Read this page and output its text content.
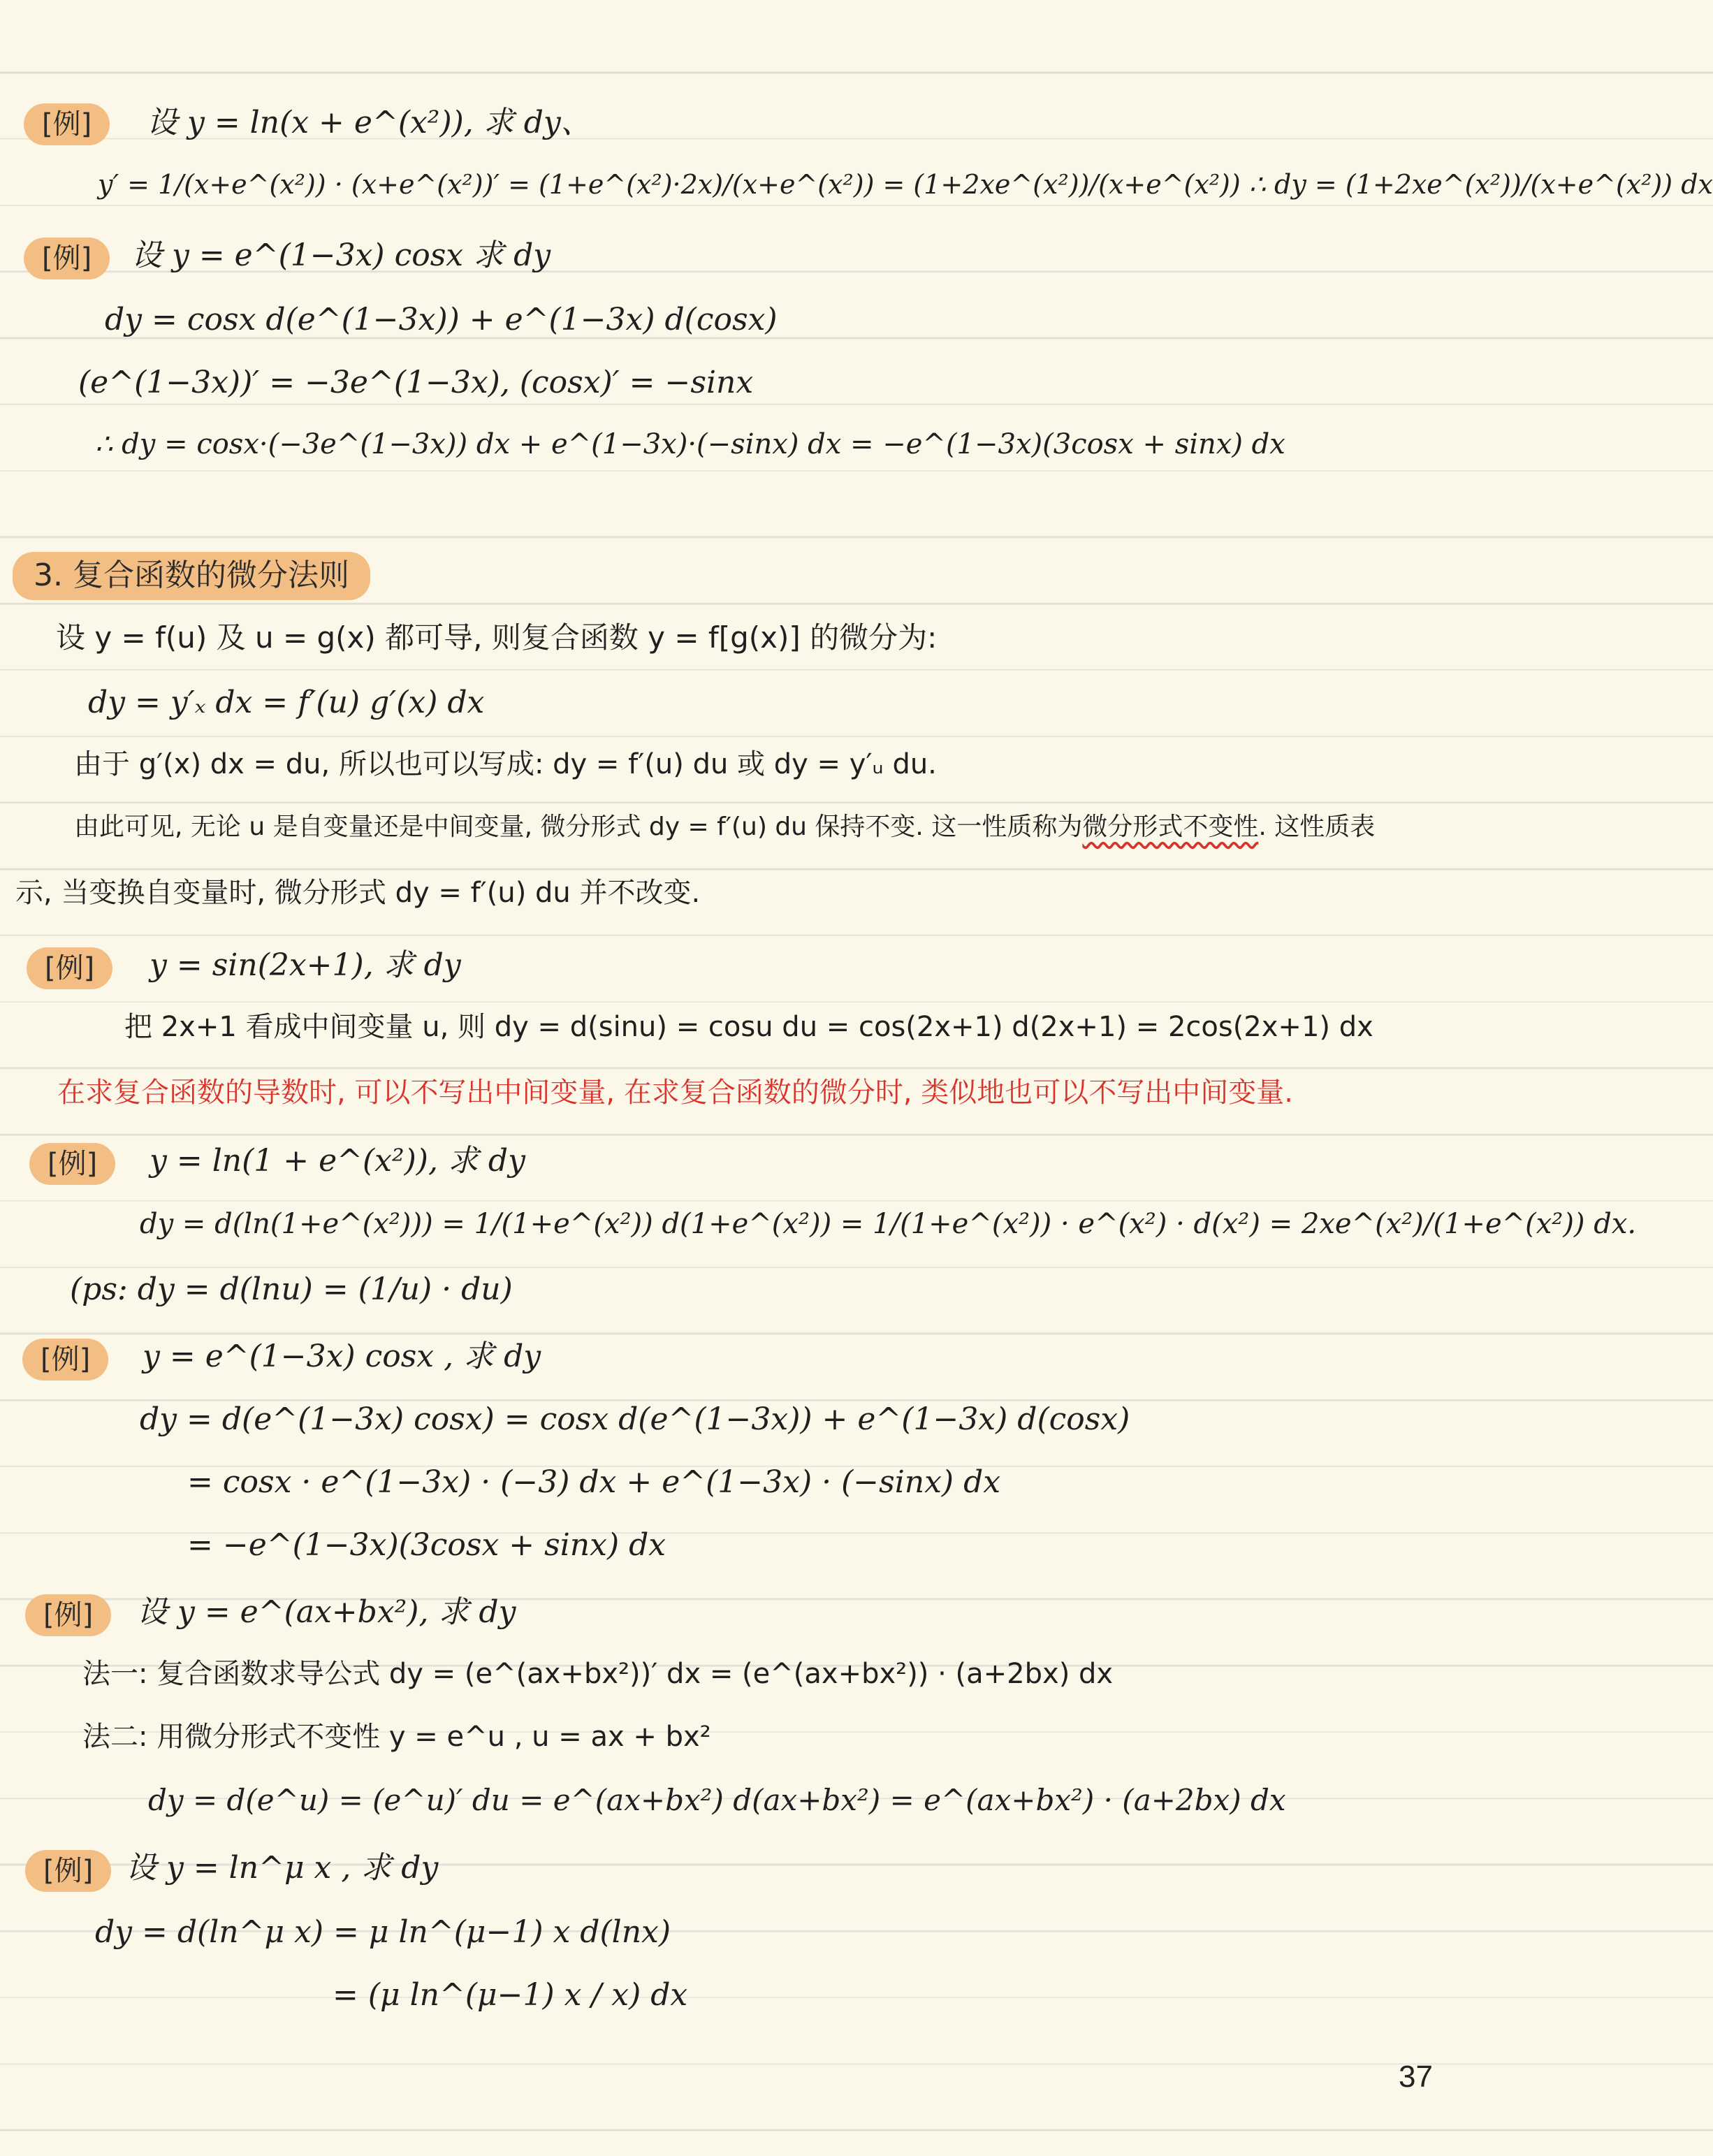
[例]	设 y = ln(x + e^(x²)), 求 dy、
y′ = 1/(x+e^(x²)) · (x+e^(x²))′ = (1+e^(x²)·2x)/(x+e^(x²)) = (1+2xe^(x²))/(x+e^(x²)) ∴ dy = (1+2xe^(x²))/(x+e^(x²)) dx
[例]	设 y = e^(1−3x) cosx 求 dy
dy = cosx d(e^(1−3x)) + e^(1−3x) d(cosx)
(e^(1−3x))′ = −3e^(1−3x), (cosx)′ = −sinx
∴ dy = cosx·(−3e^(1−3x)) dx + e^(1−3x)·(−sinx) dx = −e^(1−3x)(3cosx + sinx) dx
3. 复合函数的微分法则
设 y = f(u) 及 u = g(x) 都可导, 则复合函数 y = f[g(x)] 的微分为:
dy = y′ₓ dx = f′(u) g′(x) dx
由于 g′(x) dx = du, 所以也可以写成: dy = f′(u) du 或 dy = y′ᵤ du.
由此可见, 无论 u 是自变量还是中间变量, 微分形式 dy = f′(u) du 保持不变. 这一性质称为微分形式不变性. 这性质表
示, 当变换自变量时, 微分形式 dy = f′(u) du 并不改变.
[例]	y = sin(2x+1), 求 dy
把 2x+1 看成中间变量 u, 则 dy = d(sinu) = cosu du = cos(2x+1) d(2x+1) = 2cos(2x+1) dx
在求复合函数的导数时, 可以不写出中间变量, 在求复合函数的微分时, 类似地也可以不写出中间变量.
[例]	y = ln(1 + e^(x²)), 求 dy
dy = d(ln(1+e^(x²))) = 1/(1+e^(x²)) d(1+e^(x²)) = 1/(1+e^(x²)) · e^(x²) · d(x²) = 2xe^(x²)/(1+e^(x²)) dx.
(ps: dy = d(lnu) = (1/u) · du)
[例]	y = e^(1−3x) cosx , 求 dy
dy = d(e^(1−3x) cosx) = cosx d(e^(1−3x)) + e^(1−3x) d(cosx)
= cosx · e^(1−3x) · (−3) dx + e^(1−3x) · (−sinx) dx
= −e^(1−3x)(3cosx + sinx) dx
[例]	设 y = e^(ax+bx²), 求 dy
法一: 复合函数求导公式 dy = (e^(ax+bx²))′ dx = (e^(ax+bx²)) · (a+2bx) dx
法二: 用微分形式不变性 y = e^u , u = ax + bx²
dy = d(e^u) = (e^u)′ du = e^(ax+bx²) d(ax+bx²) = e^(ax+bx²) · (a+2bx) dx
[例]	设 y = ln^μ x , 求 dy
dy = d(ln^μ x) = μ ln^(μ−1) x d(lnx)
= (μ ln^(μ−1) x / x) dx
37
